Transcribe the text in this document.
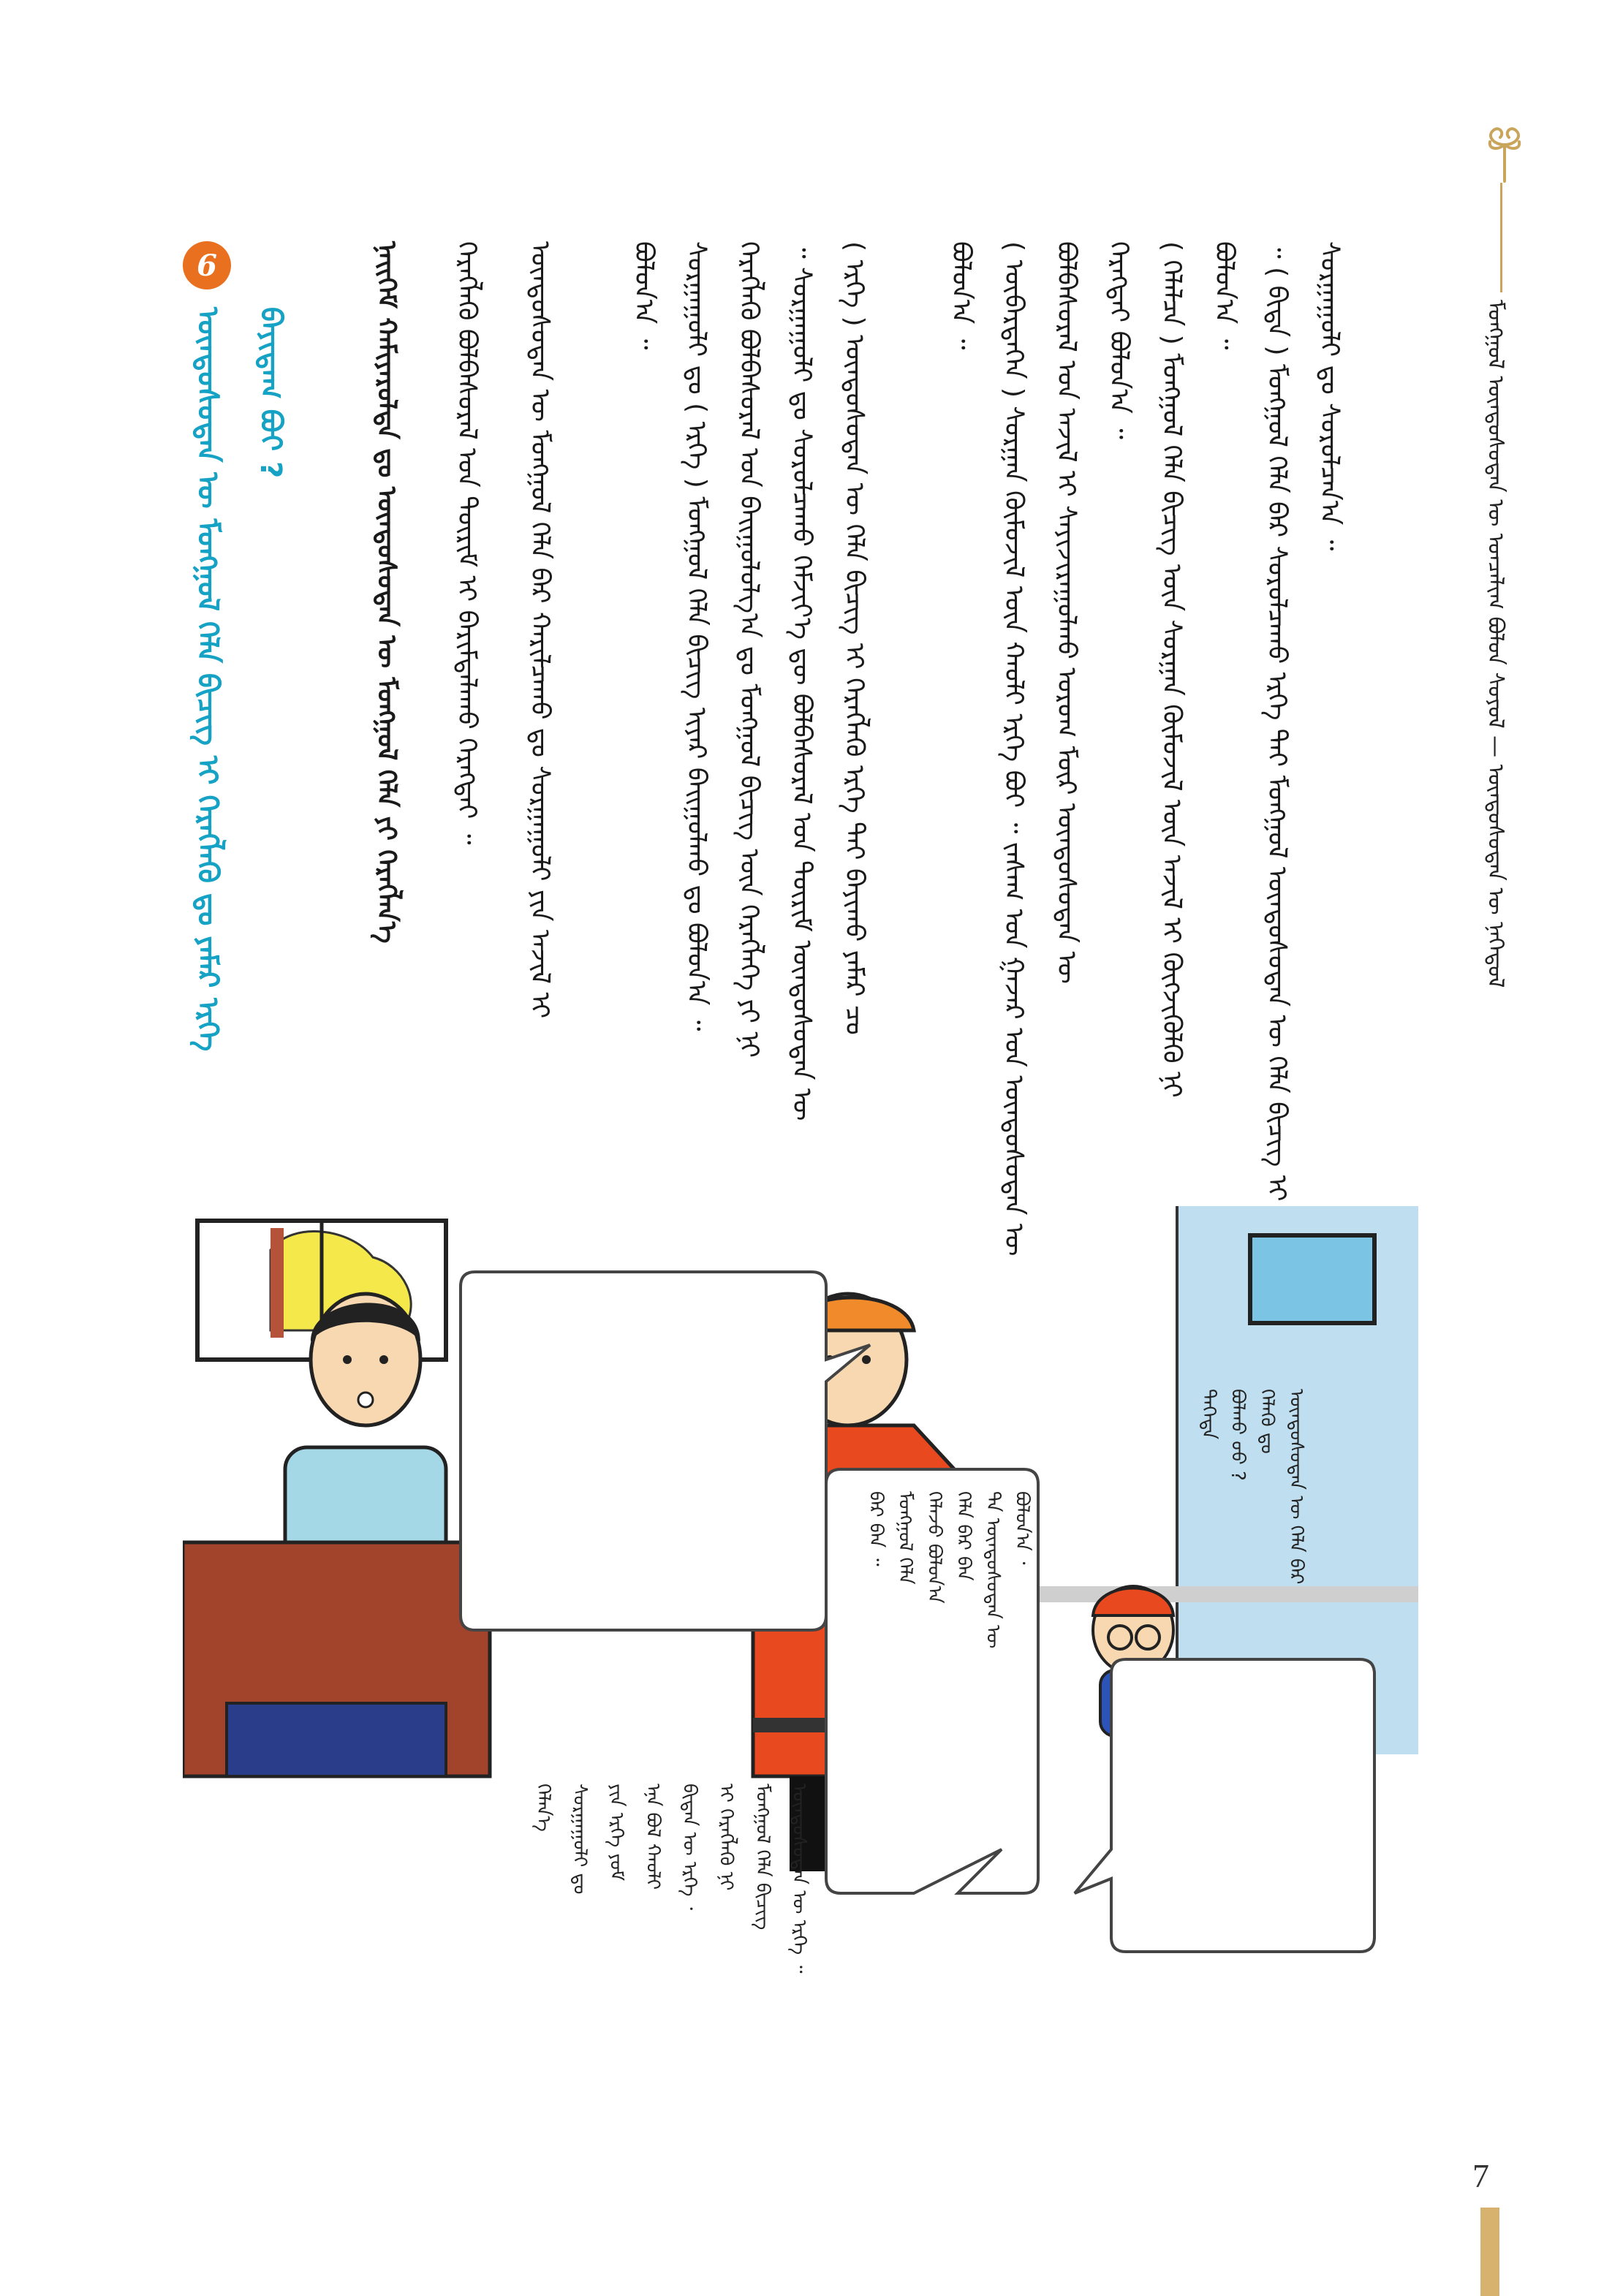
ᠮᠣᠩᠭᠣᠯ ᠦᠨᠳᠦᠰᠦᠲᠡᠨ ᠦ ᠣᠨᠴᠠᠯᠢᠭ ᠪᠣᠯᠤᠨ ᠰᠣᠶᠣᠯ — ᠦᠨᠳᠦᠰᠦᠲᠡᠨ ᠦ ᠨᠡᠭᠡᠳᠦᠯ
ᠰᠤᠷᠭᠠᠭᠤᠯᠢ ᠳᠤ ᠰᠤᠷᠤᠯᠴᠠᠨ᠎ᠠ ᠃
᠃ ( ᠪᠢᠳᠡ ) ᠮᠣᠩᠭᠣᠯ ᠬᠡᠯᠡ ᠪᠡᠷ ᠰᠤᠷᠤᠯᠴᠠᠬᠤ ᠡᠷᠬᠡ ᠲᠡᠢ ᠮᠣᠩᠭᠣᠯ ᠦᠨᠳᠦᠰᠦᠲᠡᠨ ᠦ ᠬᠡᠯᠡ ᠪᠢᠴᠢᠭ ᠢ
ᠪᠣᠯᠤᠨ᠎ᠠ ᠃
( ᠬᠡᠯᠡᠯᠴᠡ ) ᠮᠣᠩᠭᠣᠯ ᠬᠡᠯᠡ ᠪᠢᠴᠢᠭ ᠦᠨ ᠰᠤᠷᠭᠠᠨ ᠬᠦᠮᠦᠵᠢᠯ ᠦᠨ ᠠᠵᠢᠯ ᠢ ᠬᠦᠭᠵᠢᠭᠦᠯᠬᠦ ᠨᠢ
ᠬᠡᠷᠡᠭᠲᠡᠢ ᠪᠣᠯᠤᠨ᠎ᠠ ᠃
ᠪᠣᠯᠪᠠᠰᠤᠷᠠᠯ ᠤᠨ ᠠᠵᠢᠯ ᠢ ᠰᠠᠶᠢᠵᠢᠷᠠᠭᠤᠯᠬᠤ ᠤᠷᠤᠭ ᠮᠥᠷ ᠦᠨᠳᠦᠰᠦᠲᠡᠨ ᠦ
( ᠥᠪᠡᠷᠲᠡᠭᠡᠨ ) ᠰᠤᠷᠭᠠᠨ ᠬᠦᠮᠦᠵᠢᠯ ᠦᠨ ᠬᠠᠤᠯᠢ ᠡᠷᠬᠡ ᠪᠤᠢ ᠃ ᠵᠠᠰᠠᠭ ᠤᠨ ᠭᠠᠵᠠᠷ ᠤᠨ ᠦᠨᠳᠦᠰᠦᠲᠡᠨ ᠦ
ᠪᠣᠯᠤᠨ᠎ᠠ ᠃
( ᠡᠷᠬᠡ ) ᠦᠨᠳᠦᠰᠦᠲᠡᠨ ᠦ ᠬᠡᠯᠡ ᠪᠢᠴᠢᠭ ᠢ ᠬᠡᠷᠡᠭᠯᠡᠬᠦ ᠡᠷᠬᠡ ᠲᠡᠢ ᠪᠠᠶᠢᠬᠤ ᠶᠠᠮᠠᠷ ᠴᠤ
᠃ ᠰᠤᠷᠭᠠᠭᠤᠯᠢ ᠳᠤ ᠰᠤᠷᠤᠯᠴᠠᠬᠤ ᠬᠡᠮᠵᠢᠶ᠎ᠡ ᠳᠦ ᠪᠣᠯᠪᠠᠰᠤᠷᠠᠯ ᠤᠨ ᠳᠦᠷᠢᠮ ᠦᠨᠳᠦᠰᠦᠲᠡᠨ ᠦ
ᠬᠡᠷᠡᠭᠯᠡᠬᠦ ᠪᠣᠯᠪᠠᠰᠤᠷᠠᠯ ᠤᠨ ᠪᠠᠢᠭᠤᠯᠤᠯᠭ᠎ᠠ ᠳᠤ ᠮᠣᠩᠭᠣᠯ ᠪᠢᠴᠢᠭ ᠦᠨ ᠬᠡᠷᠡᠭᠯᠡᠭᠡ ᠶᠢ ᠨᠢ
ᠰᠤᠷᠭᠠᠭᠤᠯᠢ ᠳᠤ ( ᠡᠷᠬᠡ ) ᠮᠣᠩᠭᠣᠯ ᠬᠡᠯᠡ ᠪᠢᠴᠢᠭ ᠢᠶᠡᠷ ᠪᠠᠢᠭᠤᠯᠬᠤ ᠳᠤ ᠪᠣᠯᠤᠨ᠎ᠠ ᠃
ᠪᠣᠯᠤᠨ᠎ᠠ ᠃
ᠦᠨᠳᠦᠰᠦᠲᠡᠨ ᠦ ᠮᠣᠩᠭᠣᠯ ᠬᠡᠯᠡ ᠪᠡᠷ ᠬᠠᠷᠢᠯᠴᠠᠬᠤ ᠳᠤ ᠰᠤᠷᠭᠠᠭᠤᠯᠢ ᠶᠢᠨ ᠠᠵᠢᠯ ᠢ
ᠬᠡᠷᠡᠭᠯᠡᠬᠦ ᠪᠣᠯᠪᠠᠰᠤᠷᠠᠯ ᠤᠨ ᠳᠦᠷᠢᠮ ᠢ ᠪᠠᠷᠢᠮᠲᠠᠯᠠᠬᠤ ᠬᠡᠷᠡᠭᠲᠡᠢ ᠃
ᠨᠡᠢᠭᠡᠮ ᠬᠠᠮᠢᠶᠠᠷᠤᠯᠲᠠ ᠳᠤ ᠦᠨᠳᠦᠰᠦᠲᠡᠨ ᠦ ᠮᠣᠩᠭᠣᠯ ᠬᠡᠯᠡ ᠶᠢ ᠬᠡᠷᠡᠭᠯᠡᠨ᠎ᠡ
6
ᠦᠨᠳᠦᠰᠦᠲᠡᠨ ᠦ ᠮᠣᠩᠭᠣᠯ ᠬᠡᠯᠡ ᠪᠢᠴᠢᠭ ᠢ ᠬᠡᠷᠡᠭᠯᠡᠬᠦ ᠳᠤ ᠶᠠᠮᠠᠷ ᠡᠷᠬᠡ ᠪᠠᠶᠢᠳᠠᠭ ᠪᠤᠢ ?
ᠦᠨᠳᠦᠰᠦᠲᠡᠨ ᠦ ᠬᠡᠯᠡ ᠪᠡᠷ
ᠬᠡᠯᠡᠬᠦ ᠳᠤ
ᠪᠣᠯᠬᠤ ᠤᠤ ?
ᠲᠡᠭᠡᠳᠡ
ᠪᠣᠯᠣᠨ᠎ᠠ ᠂
ᠲᠠ ᠦᠨᠳᠦᠰᠦᠲᠡᠨ ᠦ
ᠬᠡᠯᠡ ᠪᠡᠷ ᠪᠠᠨ
ᠬᠡᠯᠡᠵᠦ ᠪᠣᠯᠣᠨ᠎ᠠ
ᠮᠣᠩᠭᠣᠯ ᠬᠡᠯᠡ
ᠪᠡᠷ ᠪᠠᠨ ᠃
ᠦᠨᠳᠦᠰᠦᠲᠡᠨ ᠦ ᠡᠷᠬᠡ ᠃
ᠮᠣᠩᠭᠣᠯ ᠬᠡᠯᠡ ᠪᠢᠴᠢᠭ
ᠢ ᠬᠡᠷᠡᠭᠯᠡᠬᠦ ᠨᠢ
ᠪᠢᠳᠡᠨ ᠦ ᠡᠷᠬᠡ ᠂
ᠡᠨᠡ ᠪᠣᠯ ᠬᠠᠤᠯᠢ
ᠶᠢᠨ ᠡᠷᠬᠡ ᠶᠤᠮ
ᠰᠤᠷᠭᠠᠭᠤᠯᠢ ᠳᠤ
ᠬᠡᠯᠡᠨ᠎ᠡ
7
